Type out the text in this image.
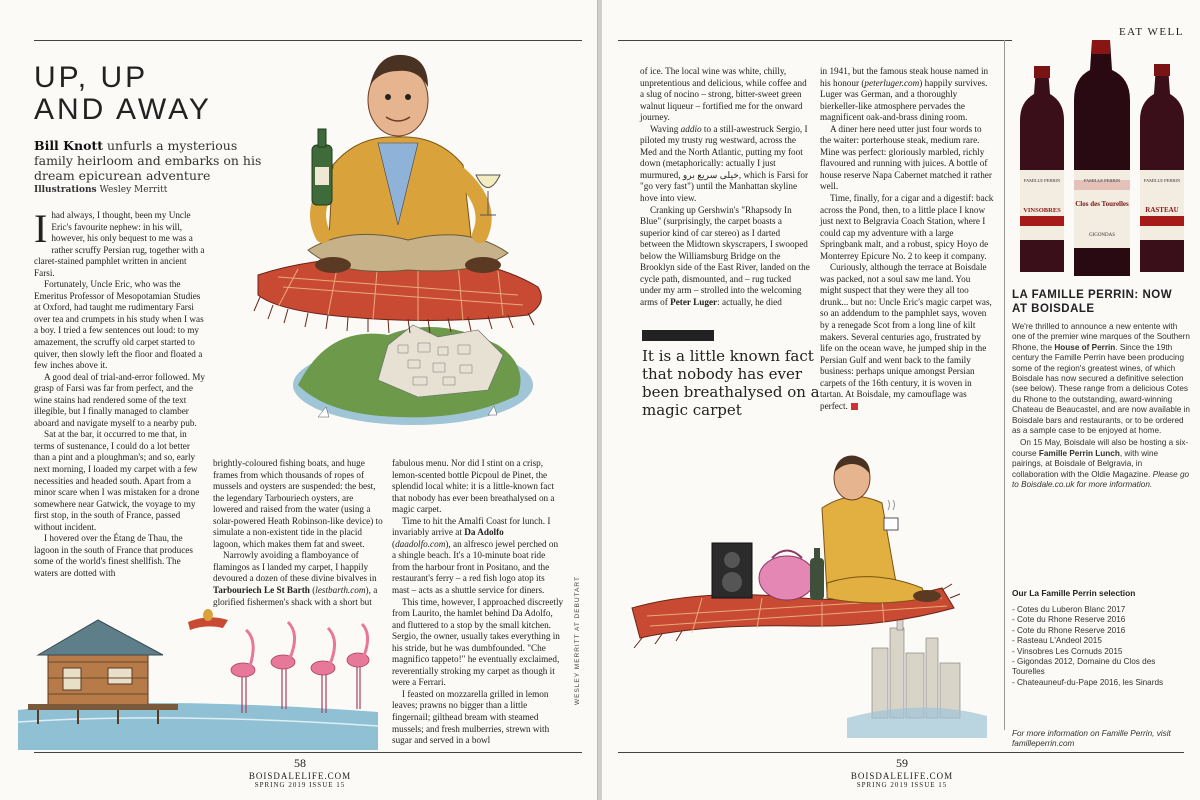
UP, UP
AND AWAY
Bill Knott unfurls a mysterious family heirloom and embarks on his dream epicurean adventure
Illustrations Wesley Merritt

Ihad always, I thought, been my Uncle Eric's favourite nephew: in his will, however, his only bequest to me was a rather scruffy Persian rug, together with a claret-stained pamphlet written in ancient Farsi.

Fortunately, Uncle Eric, who was the Emeritus Professor of Mesopotamian Studies at Oxford, had taught me rudimentary Farsi over tea and crumpets in his study when I was a boy. I tried a few sentences out loud: to my amazement, the scruffy old carpet started to quiver, then slowly left the floor and floated a few inches above it.

A good deal of trial-and-error followed. My grasp of Farsi was far from perfect, and the wine stains had rendered some of the text illegible, but I finally managed to clamber aboard and navigate myself to a nearby pub.

Sat at the bar, it occurred to me that, in terms of sustenance, I could do a lot better than a pint and a ploughman's; and so, early next morning, I loaded my carpet with a few necessities and headed south. Apart from a minor scare when I was mistaken for a drone somewhere near Gatwick, the voyage to my first stop, in the south of France, passed without incident.

I hovered over the Étang de Thau, the lagoon in the south of France that produces some of the world's finest shellfish. The waters are dotted with

brightly-coloured fishing boats, and huge frames from which thousands of ropes of mussels and oysters are suspended: the best, the legendary Tarbouriech oysters, are lowered and raised from the water (using a solar-powered Heath Robinson-like device) to simulate a non-existent tide in the placid lagoon, which makes them fat and sweet.

Narrowly avoiding a flamboyance of flamingos as I landed my carpet, I happily devoured a dozen of these divine bivalves in Tarbouriech Le St Barth (lestbarth.com), a glorified fishermen's shack with a short but

fabulous menu. Nor did I stint on a crisp, lemon-scented bottle Picpoul de Pinet, the splendid local white: it is a little-known fact that nobody has ever been breathalysed on a magic carpet.

Time to hit the Amalfi Coast for lunch. I invariably arrive at Da Adolfo (daadolfo.com), an alfresco jewel perched on a shingle beach. It's a 10-minute boat ride from the harbour front in Positano, and the restaurant's ferry – a red fish logo atop its mast – acts as a shuttle service for diners.

This time, however, I approached discreetly from Laurito, the hamlet behind Da Adolfo, and fluttered to a stop by the small kitchen. Sergio, the owner, usually takes everything in his stride, but he was dumbfounded. "Che magnifico tappeto!" he eventually exclaimed, reverentially stroking my carpet as though it were a Ferrari.

I feasted on mozzarella grilled in lemon leaves; prawns no bigger than a little fingernail; gilthead bream with steamed mussels; and fresh mulberries, strewn with sugar and served in a bowl

WESLEY MERRITT AT DEBUTART
58
BOISDALELIFE.COM
SPRING 2019 ISSUE 15
EAT WELL

of ice. The local wine was white, chilly, unpretentious and delicious, while coffee and a slug of nocino – strong, bitter-sweet green walnut liqueur – fortified me for the onward journey.

Waving addio to a still-awestruck Sergio, I piloted my trusty rug westward, across the Med and the North Atlantic, putting my foot down (metaphorically: actually I just murmured, خیلی سریع برو, which is Farsi for "go very fast") until the Manhattan skyline hove into view.

Cranking up Gershwin's "Rhapsody In Blue" (surprisingly, the carpet boasts a superior kind of car stereo) as I darted between the Midtown skyscrapers, I swooped below the Williamsburg Bridge on the Brooklyn side of the East River, landed on the cycle path, dismounted, and – rug tucked under my arm – strolled into the welcoming arms of Peter Luger: actually, he died

in 1941, but the famous steak house named in his honour (peterluger.com) happily survives. Luger was German, and a thoroughly bierkeller-like atmosphere pervades the magnificent oak-and-brass dining room.

A diner here need utter just four words to the waiter: porterhouse steak, medium rare. Mine was perfect: gloriously marbled, richly flavoured and running with juices. A bottle of house reserve Napa Cabernet matched it rather well.

Time, finally, for a cigar and a digestif: back across the Pond, then, to a little place I know just next to Belgravia Coach Station, where I could cap my adventure with a large Springbank malt, and a robust, spicy Hoyo de Monterrey Epicure No. 2 to keep it company.

Curiously, although the terrace at Boisdale was packed, not a soul saw me land. You might suspect that they were they all too drunk... but no: Uncle Eric's magic carpet was, so an addendum to the pamphlet says, woven by a renegade Scot from a long line of kilt makers. Several centuries ago, frustrated by life on the ocean wave, he jumped ship in the Persian Gulf and went back to the family business: perhaps unique amongst Persian carpets of the 16th century, it is woven in tartan. At Boisdale, my camouflage was perfect.

It is a little known fact that nobody has ever been breathalysed on a magic carpet
FAMILLE PERRIN
VINSOBRES
FAMILLE PERRIN
Clos des Tourelles
GIGONDAS
FAMILLE PERRIN
RASTEAU
LA FAMILLE PERRIN: NOW AT BOISDALE

We're thrilled to announce a new entente with one of the premier wine marques of the Southern Rhone, the House of Perrin. Since the 19th century the Famille Perrin have been producing some of the region's greatest wines, of which Boisdale has now secured a definitive selection (see below). These range from a delicious Cotes du Rhone to the outstanding, award-winning Chateau de Beaucastel, and are now available in Boisdale bars and restaurants, or to be ordered as a sample case to be enjoyed at home.

On 15 May, Boisdale will also be hosting a six-course Famille Perrin Lunch, with wine pairings, at Boisdale of Belgravia, in collaboration with the Oldie Magazine. Please go to Boisdale.co.uk for more information.

Our La Famille Perrin selection
- Cotes du Luberon Blanc 2017
- Cote du Rhone Reserve 2016
- Cote du Rhone Reserve 2016
- Rasteau L'Andeol 2015
- Vinsobres Les Cornuds 2015
- Gigondas 2012, Domaine du Clos des Tourelles
- Chateauneuf-du-Pape 2016, les Sinards
For more information on Famille Perrin, visit familleperrin.com
59
BOISDALELIFE.COM
SPRING 2019 ISSUE 15
